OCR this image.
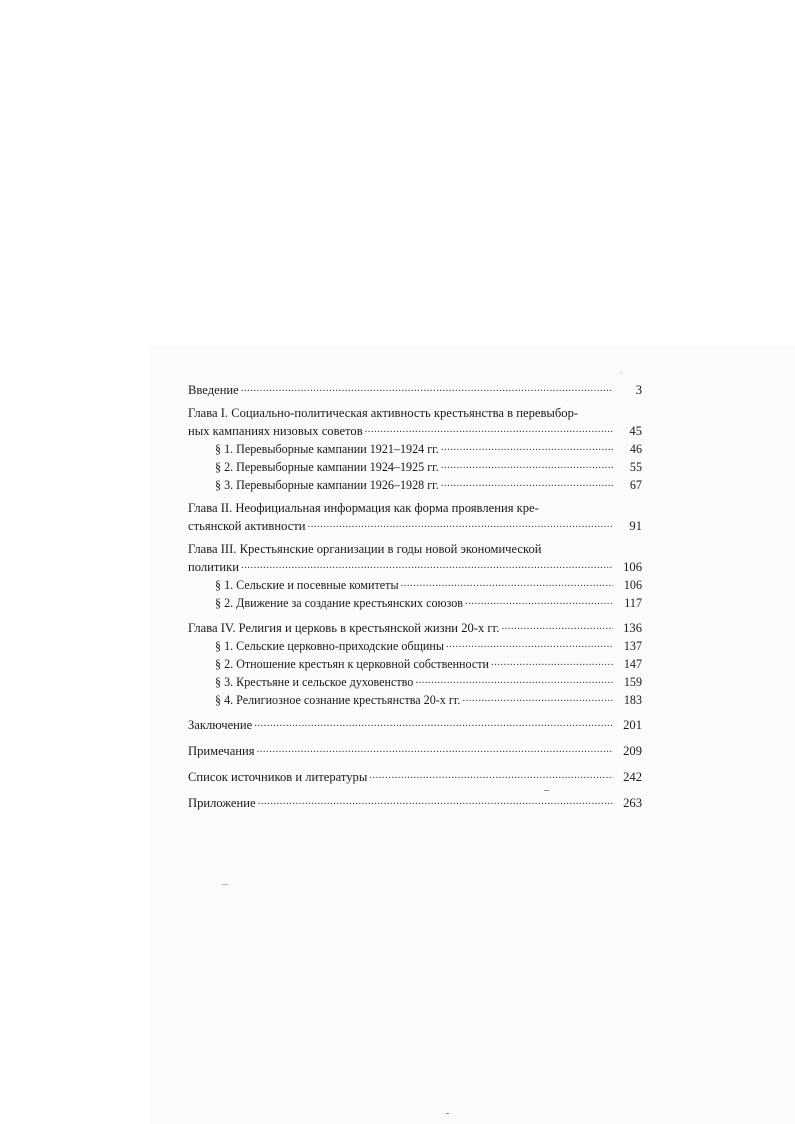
Введение .....	3
Глава I. Социально-политическая активность крестьянства в перевыбор-
ных кампаниях низовых советов .....	45
§ 1. Перевыборные кампании 1921–1924 гг. .....	46
§ 2. Перевыборные кампании 1924–1925 гг. .....	55
§ 3. Перевыборные кампании 1926–1928 гг. .....	67
Глава II. Неофициальная информация как форма проявления кре-
стьянской активности .....	91
Глава III. Крестьянские организации в годы новой экономической
политики .....	106
§ 1. Сельские и посевные комитеты .....	106
§ 2. Движение за создание крестьянских союзов .....	117
Глава IV. Религия и церковь в крестьянской жизни 20-х гг. .....	136
§ 1. Сельские церковно-приходские общины .....	137
§ 2. Отношение крестьян к церковной собственности .....	147
§ 3. Крестьяне и сельское духовенство .....	159
§ 4. Религиозное сознание крестьянства 20-х гг. .....	183
Заключение .....	201
Примечания .....	209
Список источников и литературы .....	242
Приложение .....	263
